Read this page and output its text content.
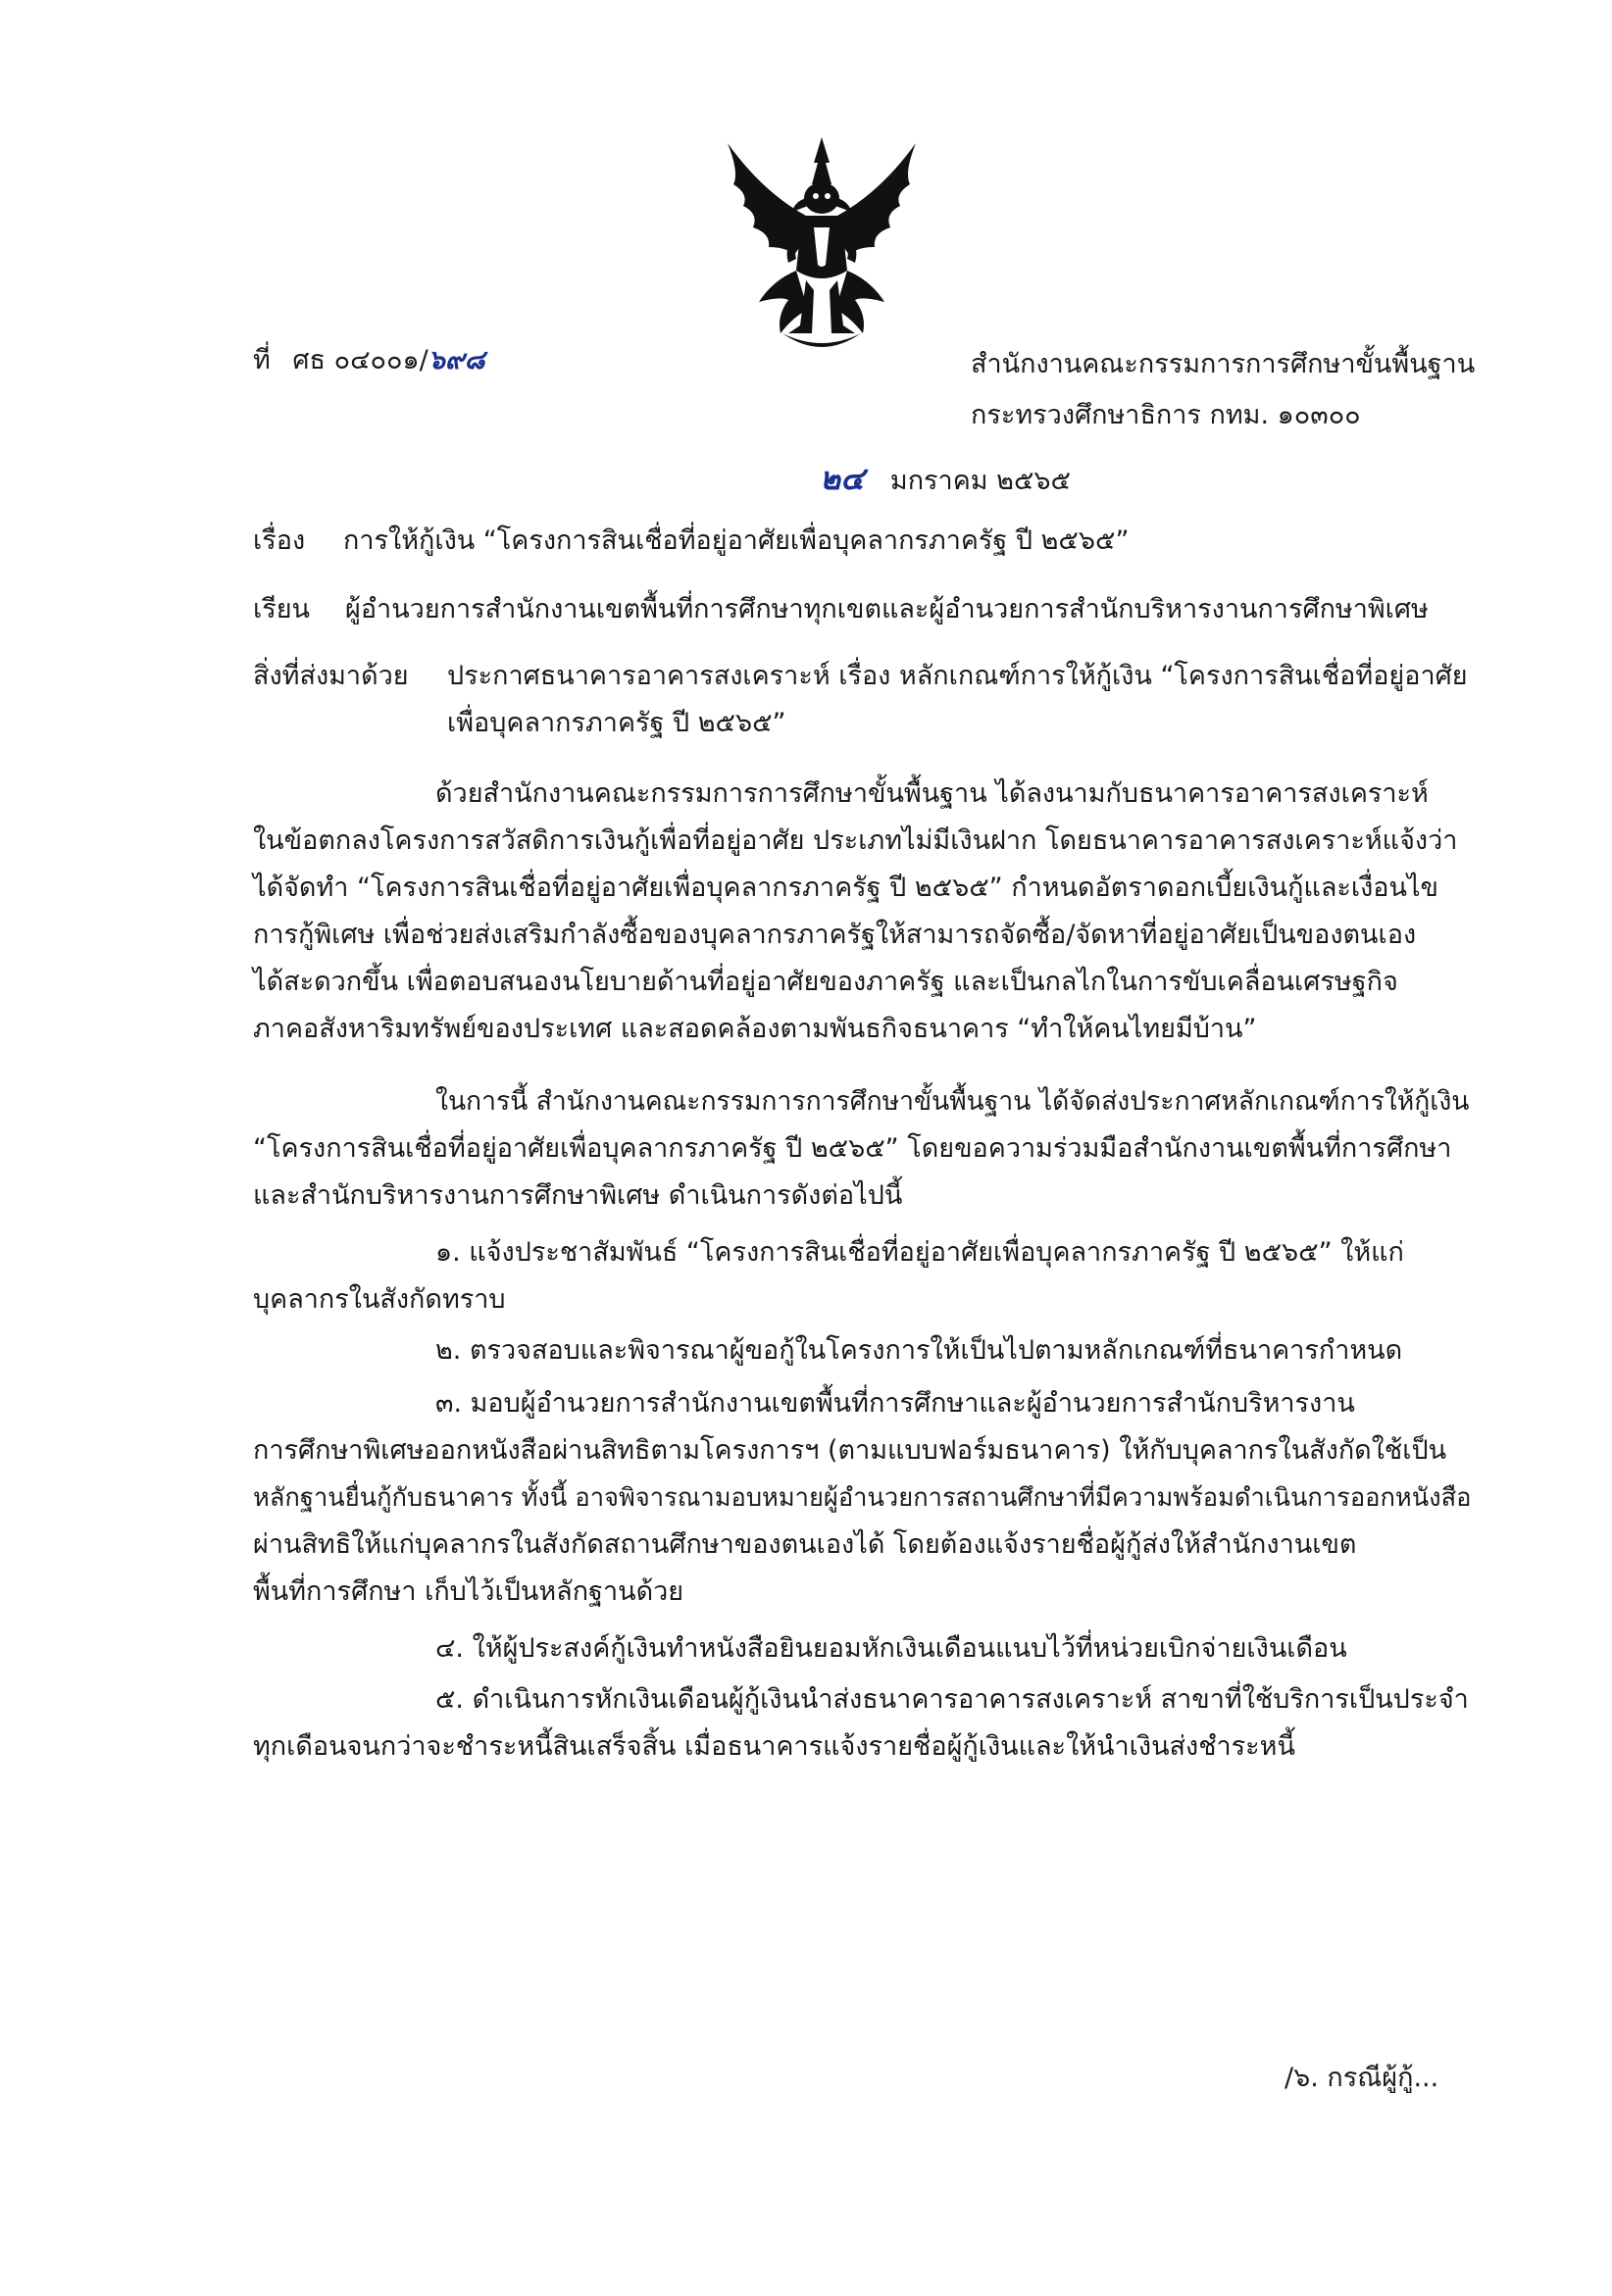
ที่ ศธ ๐๔๐๐๑/๖๙๘	สำนักงานคณะกรรมการการศึกษาขั้นพื้นฐาน
กระทรวงศึกษาธิการ กทม. ๑๐๓๐๐
๒๔ มกราคม ๒๕๖๕
เรื่อง การให้กู้เงิน “โครงการสินเชื่อที่อยู่อาศัยเพื่อบุคลากรภาครัฐ ปี ๒๕๖๕”
เรียน ผู้อำนวยการสำนักงานเขตพื้นที่การศึกษาทุกเขตและผู้อำนวยการสำนักบริหารงานการศึกษาพิเศษ
สิ่งที่ส่งมาด้วย ประกาศธนาคารอาคารสงเคราะห์ เรื่อง หลักเกณฑ์การให้กู้เงิน “โครงการสินเชื่อที่อยู่อาศัย
เพื่อบุคลากรภาครัฐ ปี ๒๕๖๕”
ด้วยสำนักงานคณะกรรมการการศึกษาขั้นพื้นฐาน ได้ลงนามกับธนาคารอาคารสงเคราะห์
ในข้อตกลงโครงการสวัสดิการเงินกู้เพื่อที่อยู่อาศัย ประเภทไม่มีเงินฝาก โดยธนาคารอาคารสงเคราะห์แจ้งว่า
ได้จัดทำ “โครงการสินเชื่อที่อยู่อาศัยเพื่อบุคลากรภาครัฐ ปี ๒๕๖๕” กำหนดอัตราดอกเบี้ยเงินกู้และเงื่อนไข
การกู้พิเศษ เพื่อช่วยส่งเสริมกำลังซื้อของบุคลากรภาครัฐให้สามารถจัดซื้อ/จัดหาที่อยู่อาศัยเป็นของตนเอง
ได้สะดวกขึ้น เพื่อตอบสนองนโยบายด้านที่อยู่อาศัยของภาครัฐ และเป็นกลไกในการขับเคลื่อนเศรษฐกิจ
ภาคอสังหาริมทรัพย์ของประเทศ และสอดคล้องตามพันธกิจธนาคาร “ทำให้คนไทยมีบ้าน”
ในการนี้ สำนักงานคณะกรรมการการศึกษาขั้นพื้นฐาน ได้จัดส่งประกาศหลักเกณฑ์การให้กู้เงิน
“โครงการสินเชื่อที่อยู่อาศัยเพื่อบุคลากรภาครัฐ ปี ๒๕๖๕” โดยขอความร่วมมือสำนักงานเขตพื้นที่การศึกษา
และสำนักบริหารงานการศึกษาพิเศษ ดำเนินการดังต่อไปนี้
๑. แจ้งประชาสัมพันธ์ “โครงการสินเชื่อที่อยู่อาศัยเพื่อบุคลากรภาครัฐ ปี ๒๕๖๕” ให้แก่
บุคลากรในสังกัดทราบ
๒. ตรวจสอบและพิจารณาผู้ขอกู้ในโครงการให้เป็นไปตามหลักเกณฑ์ที่ธนาคารกำหนด
๓. มอบผู้อำนวยการสำนักงานเขตพื้นที่การศึกษาและผู้อำนวยการสำนักบริหารงาน
การศึกษาพิเศษออกหนังสือผ่านสิทธิตามโครงการฯ (ตามแบบฟอร์มธนาคาร) ให้กับบุคลากรในสังกัดใช้เป็น
หลักฐานยื่นกู้กับธนาคาร ทั้งนี้ อาจพิจารณามอบหมายผู้อำนวยการสถานศึกษาที่มีความพร้อมดำเนินการออกหนังสือ
ผ่านสิทธิให้แก่บุคลากรในสังกัดสถานศึกษาของตนเองได้ โดยต้องแจ้งรายชื่อผู้กู้ส่งให้สำนักงานเขต
พื้นที่การศึกษา เก็บไว้เป็นหลักฐานด้วย
๔. ให้ผู้ประสงค์กู้เงินทำหนังสือยินยอมหักเงินเดือนแนบไว้ที่หน่วยเบิกจ่ายเงินเดือน
๕. ดำเนินการหักเงินเดือนผู้กู้เงินนำส่งธนาคารอาคารสงเคราะห์ สาขาที่ใช้บริการเป็นประจำ
ทุกเดือนจนกว่าจะชำระหนี้สินเสร็จสิ้น เมื่อธนาคารแจ้งรายชื่อผู้กู้เงินและให้นำเงินส่งชำระหนี้
/๖. กรณีผู้กู้...
